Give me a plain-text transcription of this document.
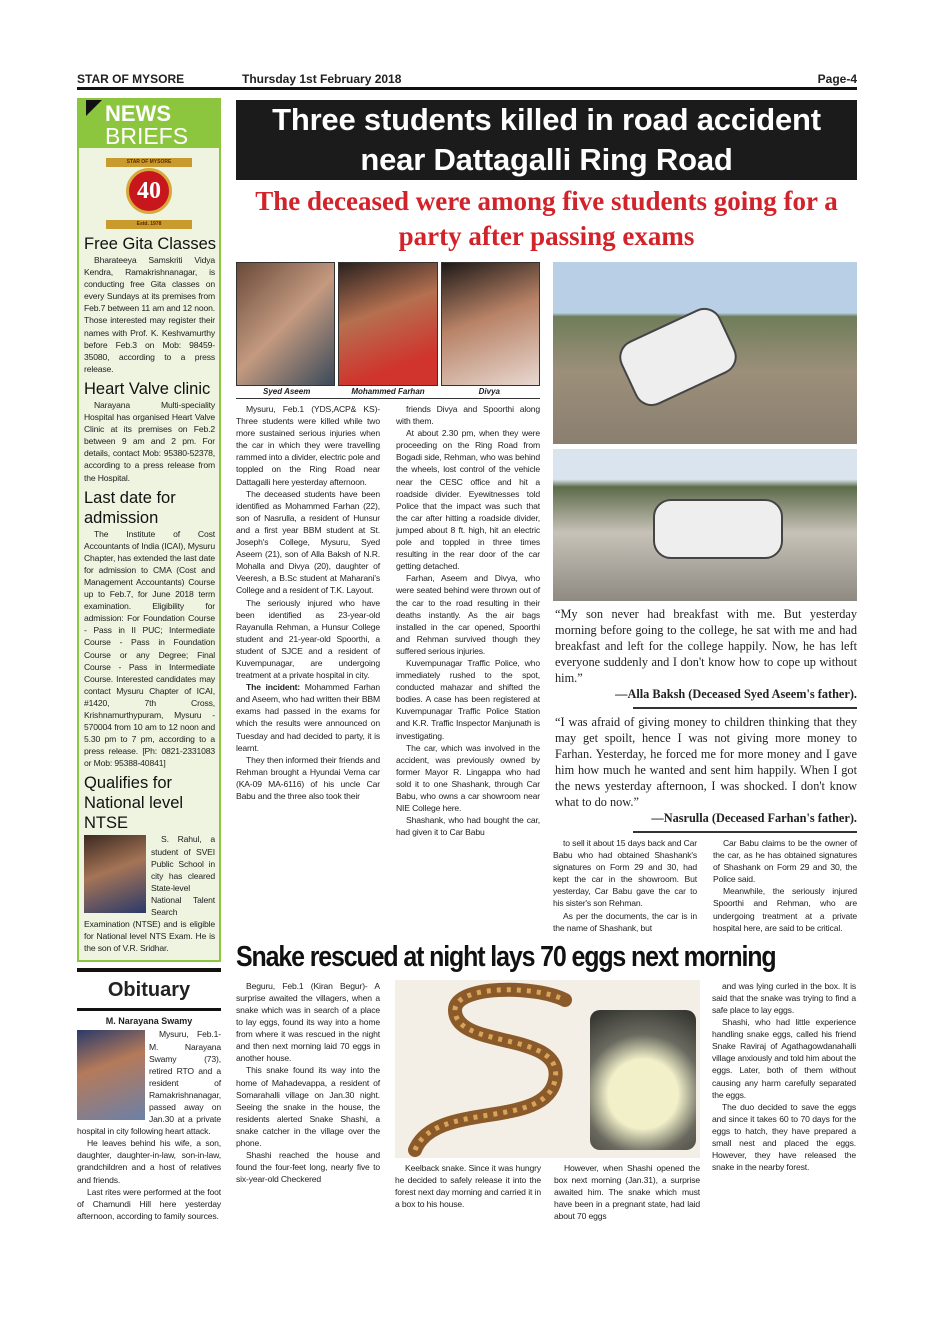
STAR OF MYSORE	Thursday 1st February 2018	Page-4
NEWS
BRIEFS
STAR OF MYSORE
40
Estd. 1978
Free Gita Classes

Bharateeya Samskriti Vidya Kendra, Ramakrishnanagar, is conducting free Gita classes on every Sundays at its premises from Feb.7 between 11 am and 12 noon. Those interested may register their names with Prof. K. Keshvamurthy before Feb.3 on Mob: 98459-35080, according to a press release.

Heart Valve clinic

Narayana Multi-speciality Hospital has organised Heart Valve Clinic at its premises on Feb.2 between 9 am and 2 pm. For details, contact Mob: 95380-52378, according to a press release from the Hospital.

Last date for admission

The Institute of Cost Accountants of India (ICAI), Mysuru Chapter, has extended the last date for admission to CMA (Cost and Management Accountants) Course up to Feb.7, for June 2018 term examination. Eligibility for admission: For Foundation Course - Pass in II PUC; Intermediate Course - Pass in Foundation Course or any Degree; Final Course - Pass in Intermediate Course. Interested candidates may contact Mysuru Chapter of ICAI, #1420, 7th Cross, Krishnamurthypuram, Mysuru - 570004 from 10 am to 12 noon and 5.30 pm to 7 pm, according to a press release. [Ph: 0821-2331083 or Mob: 95388-40841]

Qualifies for National level NTSE

S. Rahul, a student of SVEI Public School in city has cleared State-level National Talent Search Examination (NTSE) and is eligible for National level NTS Exam. He is the son of V.R. Sridhar.

Obituary
M. Narayana Swamy

Mysuru, Feb.1- M. Narayana Swamy (73), retired RTO and a resident of Ramakrishnanagar, passed away on Jan.30 at a private hospital in city following heart attack.

He leaves behind his wife, a son, daughter, daughter-in-law, son-in-law, grandchildren and a host of relatives and friends.

Last rites were performed at the foot of Chamundi Hill here yesterday afternoon, according to family sources.

Three students killed in road accident near Dattagalli Ring Road
The deceased were among five students going for a party after passing exams
Syed Aseem	Mohammed Farhan	Divya

Mysuru, Feb.1 (YDS,ACP& KS)- Three students were killed while two more sustained serious injuries when the car in which they were travelling rammed into a divider, electric pole and toppled on the Ring Road near Dattagalli here yesterday afternoon.

The deceased students have been identified as Mohammed Farhan (22), son of Nasrulla, a resident of Hunsur and a first year BBM student at St. Joseph's College, Mysuru, Syed Aseem (21), son of Alla Baksh of N.R. Mohalla and Divya (20), daughter of Veeresh, a B.Sc student at Maharani's College and a resident of T.K. Layout.

The seriously injured who have been identified as 23-year-old Rayanulla Rehman, a Hunsur College student and 21-year-old Spoorthi, a student of SJCE and a resident of Kuvempunagar, are undergoing treatment at a private hospital in city.

The incident: Mohammed Farhan and Aseem, who had written their BBM exams had passed in the exams for which the results were announced on Tuesday and had decided to party, it is learnt.

They then informed their friends and Rehman brought a Hyundai Verna car (KA-09 MA-6116) of his uncle Car Babu and the three also took their

friends Divya and Spoorthi along with them.

At about 2.30 pm, when they were proceeding on the Ring Road from Bogadi side, Rehman, who was behind the wheels, lost control of the vehicle near the CESC office and hit a roadside divider. Eyewitnesses told Police that the impact was such that the car after hitting a roadside divider, jumped about 8 ft. high, hit an electric pole and toppled in three times resulting in the rear door of the car getting detached.

Farhan, Aseem and Divya, who were seated behind were thrown out of the car to the road resulting in their deaths instantly. As the air bags installed in the car opened, Spoorthi and Rehman survived though they suffered serious injuries.

Kuvempunagar Traffic Police, who immediately rushed to the spot, conducted mahazar and shifted the bodies. A case has been registered at Kuvempunagar Traffic Police Station and K.R. Traffic Inspector Manjunath is investigating.

The car, which was involved in the accident, was previously owned by former Mayor R. Lingappa who had sold it to one Shashank, through Car Babu, who owns a car showroom near NIE College here.

Shashank, who had bought the car, had given it to Car Babu

“My son never had breakfast with me. But yesterday morning before going to the college, he sat with me and had breakfast and left for the college happily. Now, he has left everyone suddenly and I don't know how to cope up without him.”
—Alla Baksh (Deceased Syed Aseem's father).
“I was afraid of giving money to children thinking that they may get spoilt, hence I was not giving more money to Farhan. Yesterday, he forced me for more money and I gave him how much he wanted and sent him happily. When I got the news yesterday afternoon, I was shocked. I don't know what to do now.”
—Nasrulla (Deceased Farhan's father).

to sell it about 15 days back and Car Babu who had obtained Shashank's signatures on Form 29 and 30, had kept the car in the showroom. But yesterday, Car Babu gave the car to his sister's son Rehman.

As per the documents, the car is in the name of Shashank, but

Car Babu claims to be the owner of the car, as he has obtained signatures of Shashank on Form 29 and 30, the Police said.

Meanwhile, the seriously injured Spoorthi and Rehman, who are undergoing treatment at a private hospital here, are said to be critical.

Snake rescued at night lays 70 eggs next morning

Beguru, Feb.1 (Kiran Begur)- A surprise awaited the villagers, when a snake which was in search of a place to lay eggs, found its way into a home from where it was rescued in the night and then next morning laid 70 eggs in another house.

This snake found its way into the home of Mahadevappa, a resident of Somarahalli village on Jan.30 night. Seeing the snake in the house, the residents alerted Snake Shashi, a snake catcher in the village over the phone.

Shashi reached the house and found the four-feet long, nearly five to six-year-old Checkered

Keelback snake. Since it was hungry he decided to safely release it into the forest next day morning and carried it in a box to his house.

However, when Shashi opened the box next morning (Jan.31), a surprise awaited him. The snake which must have been in a pregnant state, had laid about 70 eggs

and was lying curled in the box. It is said that the snake was trying to find a safe place to lay eggs.

Shashi, who had little experience handling snake eggs, called his friend Snake Raviraj of Agathagowdanahalli village anxiously and told him about the eggs. Later, both of them without causing any harm carefully separated the eggs.

The duo decided to save the eggs and since it takes 60 to 70 days for the eggs to hatch, they have prepared a small nest and placed the eggs. However, they have released the snake in the nearby forest.
